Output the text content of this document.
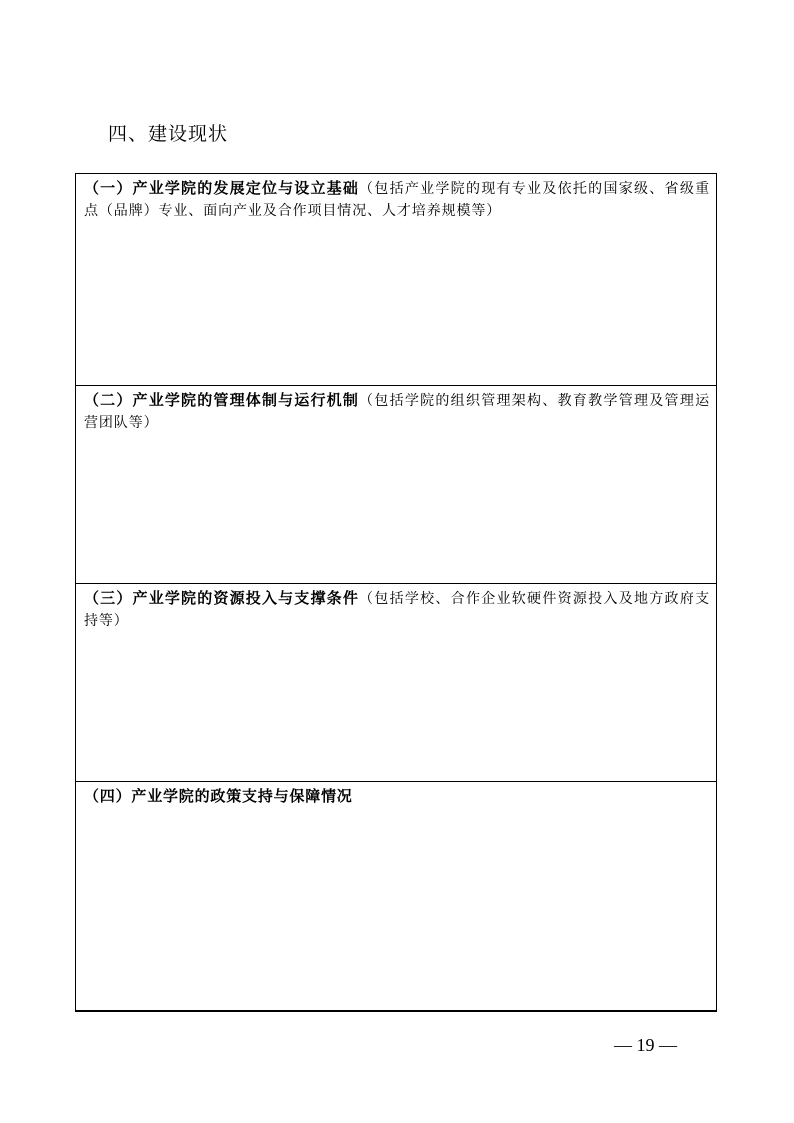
四、建设现状

（一）产业学院的发展定位与设立基础（包括产业学院的现有专业及依托的国家级、省级重点（品牌）专业、面向产业及合作项目情况、人才培养规模等）

（二）产业学院的管理体制与运行机制（包括学院的组织管理架构、教育教学管理及管理运营团队等）

（三）产业学院的资源投入与支撑条件（包括学校、合作企业软硬件资源投入及地方政府支持等）

（四）产业学院的政策支持与保障情况

— 19 —
